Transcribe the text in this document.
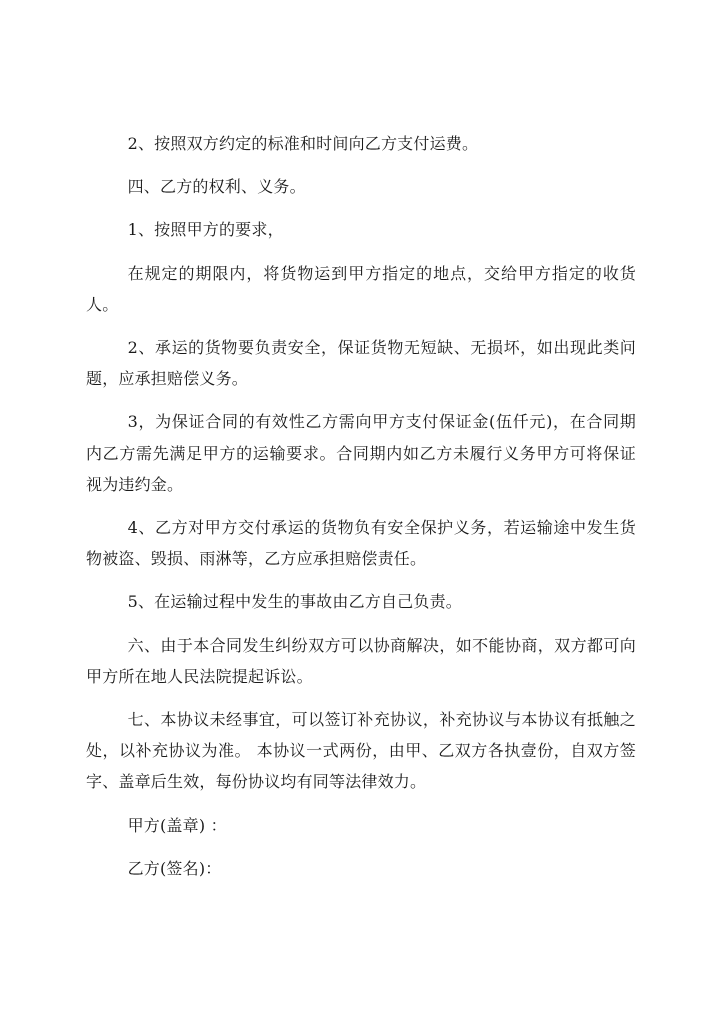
2、按照双方约定的标准和时间向乙方支付运费。

四、乙方的权利、义务。

1、按照甲方的要求，

在规定的期限内，将货物运到甲方指定的地点，交给甲方指定的收货人。

2、承运的货物要负责安全，保证货物无短缺、无损坏，如出现此类问题，应承担赔偿义务。

3，为保证合同的有效性乙方需向甲方支付保证金(伍仟元)，在合同期内乙方需先满足甲方的运输要求。合同期内如乙方未履行义务甲方可将保证视为违约金。

4、乙方对甲方交付承运的货物负有安全保护义务，若运输途中发生货物被盗、毁损、雨淋等，乙方应承担赔偿责任。

5、在运输过程中发生的事故由乙方自己负责。

六、由于本合同发生纠纷双方可以协商解决，如不能协商，双方都可向甲方所在地人民法院提起诉讼。

七、本协议未经事宜，可以签订补充协议，补充协议与本协议有抵触之处，以补充协议为准。 本协议一式两份，由甲、乙双方各执壹份，自双方签字、盖章后生效，每份协议均有同等法律效力。

甲方(盖章) ：

乙方(签名)：
